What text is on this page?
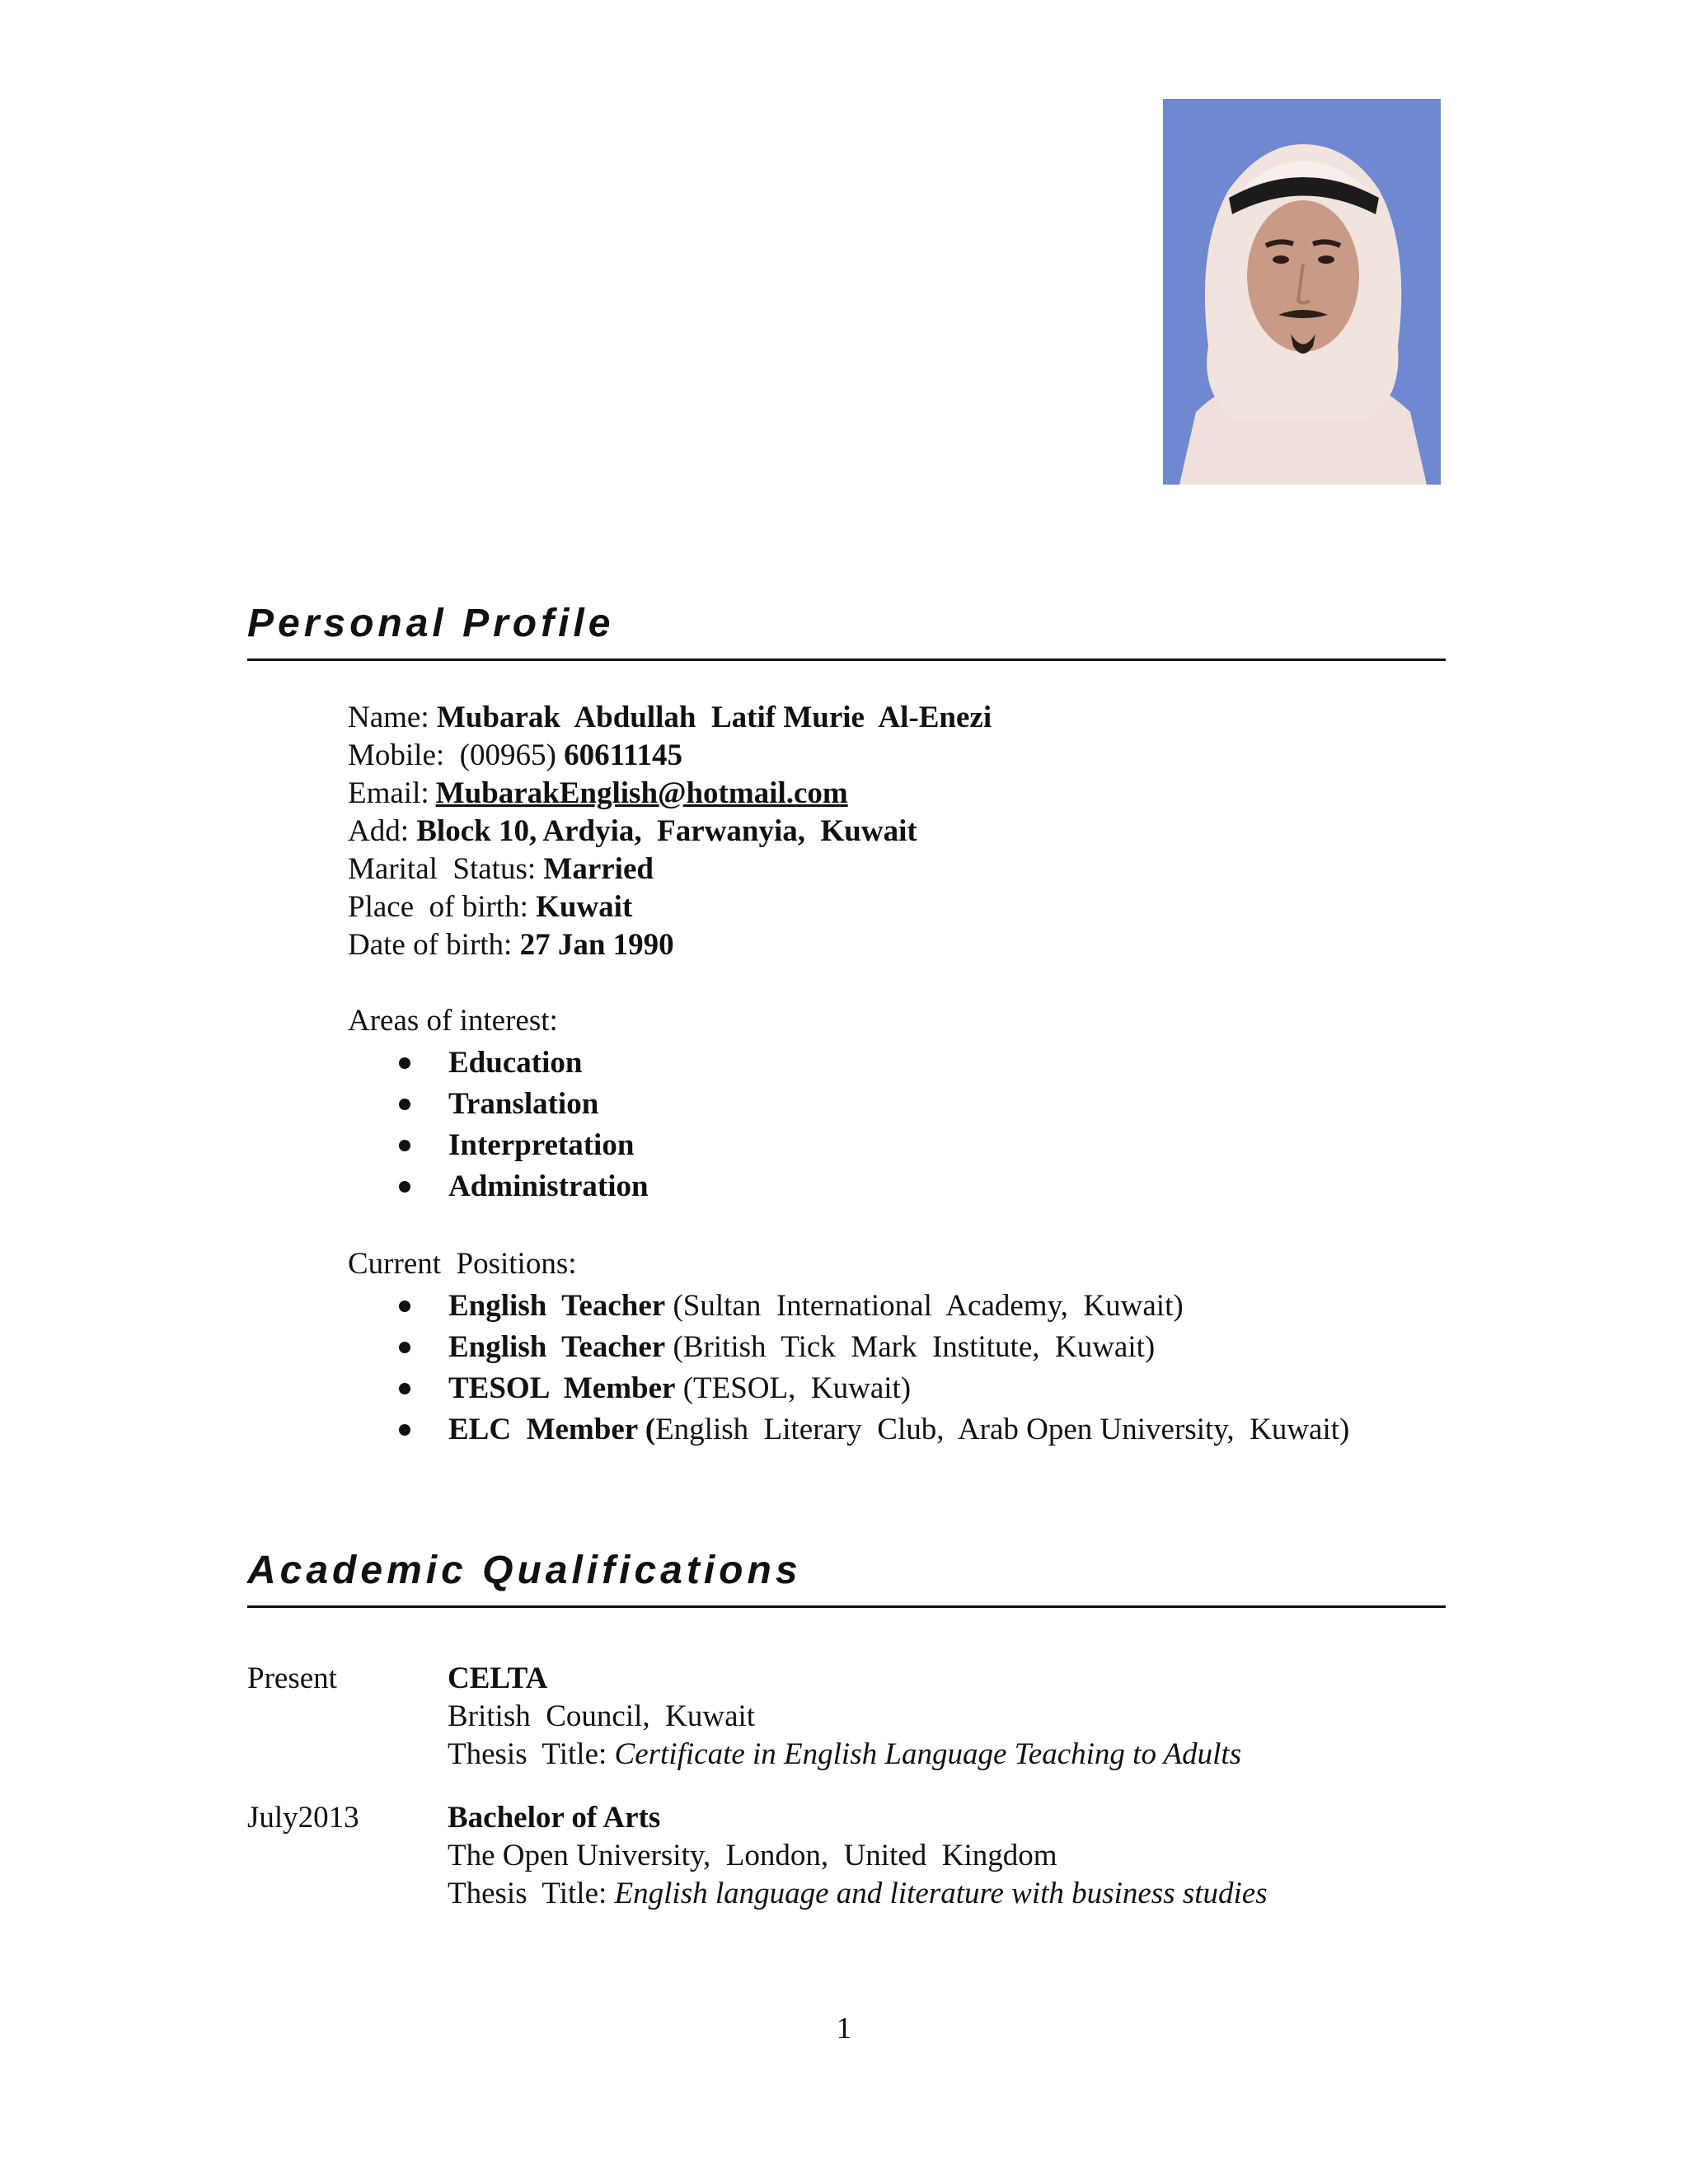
Personal Profile
Name: Mubarak  Abdullah  Latif Murie  Al-Enezi
Mobile:  (00965) 60611145
Email: MubarakEnglish@hotmail.com
Add: Block 10, Ardyia,  Farwanyia,  Kuwait
Marital  Status: Married
Place  of birth: Kuwait
Date of birth: 27 Jan 1990
Areas of interest:
Education
Translation
Interpretation
Administration
Current  Positions:
English  Teacher (Sultan  International  Academy,  Kuwait)
English  Teacher (British  Tick  Mark  Institute,  Kuwait)
TESOL  Member (TESOL,  Kuwait)
ELC  Member (English  Literary  Club,  Arab Open University,  Kuwait)
Academic Qualifications
Present	CELTA
British  Council,  Kuwait
Thesis  Title: Certificate in English Language Teaching to Adults
July2013	Bachelor of Arts
The Open University,  London,  United  Kingdom
Thesis  Title: English language and literature with business studies
1
